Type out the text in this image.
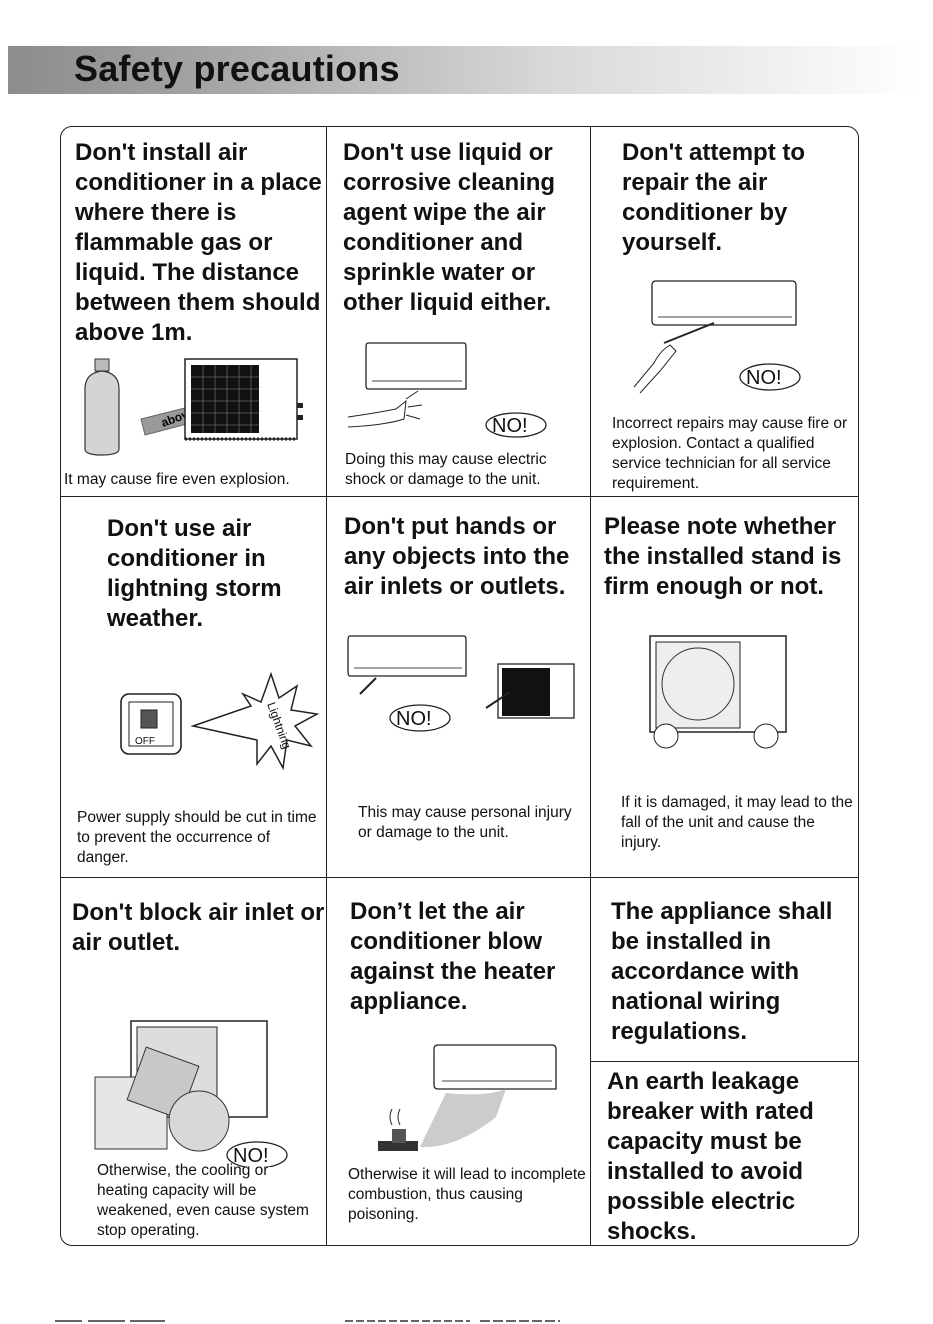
Safety precautions
Don't install air conditioner in a place where there is flammable gas or liquid. The distance between them should above 1m.
above
It may cause fire even explosion.
Don't use liquid or corrosive cleaning agent wipe the air conditioner and sprinkle water or other liquid either.
NO!
Doing this may cause electric shock or damage to the unit.
Don't attempt to repair the air conditioner by yourself.
NO!
Incorrect repairs may cause fire or explosion. Contact a qualified service technician for all service requirement.
Don't use air conditioner in lightning storm weather.
OFF	Lightning
Power supply should be cut in time to prevent the occurrence of danger.
Don't put hands or any objects into the air inlets or outlets.
NO!
This may cause personal injury or damage to the unit.
Please note whether the installed stand is firm enough or not.
If it is damaged, it may lead to the fall of the unit and cause the injury.
Don't block air inlet or air outlet.
NO!
Otherwise, the cooling or heating capacity will be weakened, even cause system stop operating.
Don’t let the air conditioner blow against the heater appliance.
Otherwise it will lead to incomplete combustion, thus causing poisoning.
The appliance shall be installed in accordance with national wiring regulations.
An earth leakage breaker with rated capacity must be installed to avoid possible electric shocks.
